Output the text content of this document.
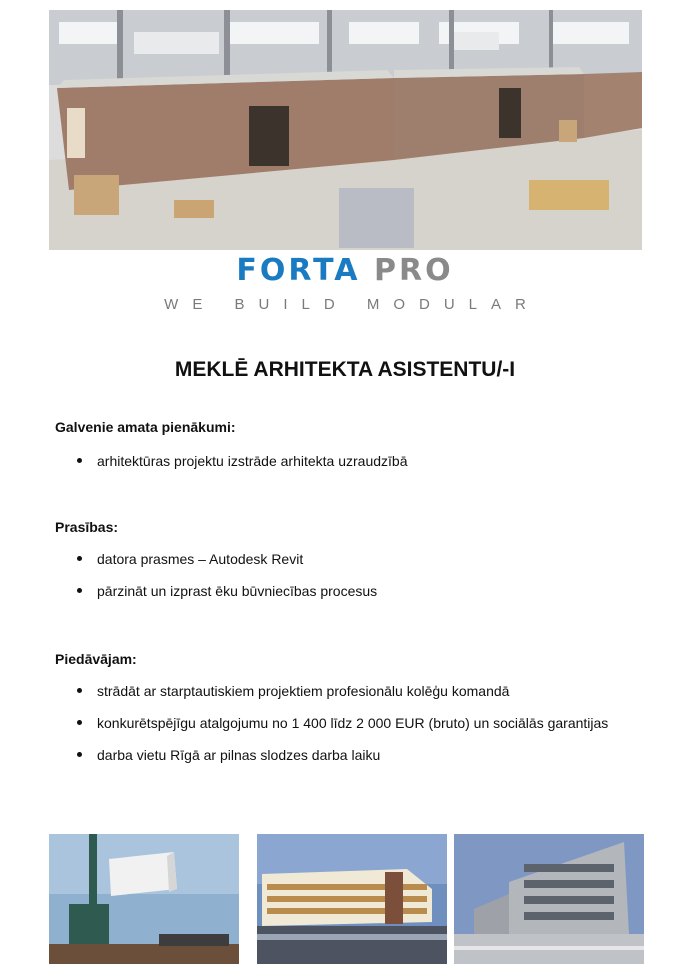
FORTA PRO
WE BUILD MODULAR
MEKLĒ ARHITEKTA ASISTENTU/-I
Galvenie amata pienākumi:
arhitektūras projektu izstrāde arhitekta uzraudzībā
Prasības:
datora prasmes – Autodesk Revit
pārzināt un izprast ēku būvniecības procesus
Piedāvājam:
strādāt ar starptautiskiem projektiem profesionālu kolēģu komandā
konkurētspējīgu atalgojumu no 1 400 līdz 2 000 EUR (bruto) un sociālās garantijas
darba vietu Rīgā ar pilnas slodzes darba laiku
